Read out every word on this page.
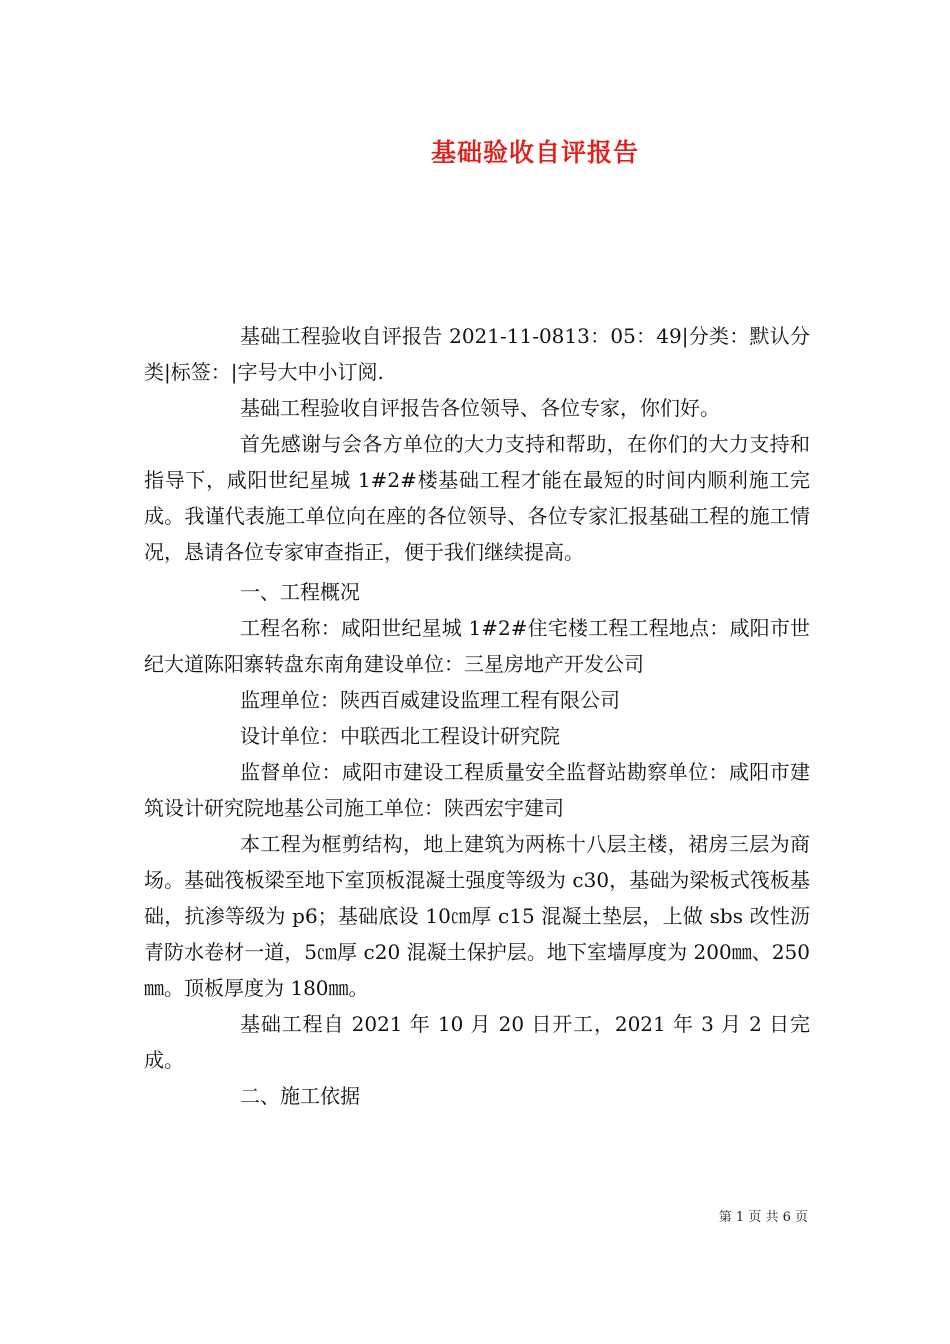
基础验收自评报告

基础工程验收自评报告 2021-11-0813：05：49|分类：默认分类|标签：|字号大中小订阅.

基础工程验收自评报告各位领导、各位专家，你们好。

首先感谢与会各方单位的大力支持和帮助，在你们的大力支持和指导下，咸阳世纪星城 1#2#楼基础工程才能在最短的时间内顺利施工完成。我谨代表施工单位向在座的各位领导、各位专家汇报基础工程的施工情况，恳请各位专家审查指正，便于我们继续提高。

一、工程概况

工程名称：咸阳世纪星城 1#2#住宅楼工程工程地点：咸阳市世纪大道陈阳寨转盘东南角建设单位：三星房地产开发公司

监理单位：陕西百威建设监理工程有限公司

设计单位：中联西北工程设计研究院

监督单位：咸阳市建设工程质量安全监督站勘察单位：咸阳市建筑设计研究院地基公司施工单位：陕西宏宇建司

本工程为框剪结构，地上建筑为两栋十八层主楼，裙房三层为商场。基础筏板梁至地下室顶板混凝土强度等级为 c30，基础为梁板式筏板基础，抗渗等级为 p6；基础底设 10㎝厚 c15 混凝土垫层，上做 sbs 改性沥青防水卷材一道，5㎝厚 c20 混凝土保护层。地下室墙厚度为 200㎜、250㎜。顶板厚度为 180㎜。

基础工程自 2021 年 10 月 20 日开工，2021 年 3 月 2 日完成。

二、施工依据

第 1 页 共 6 页
